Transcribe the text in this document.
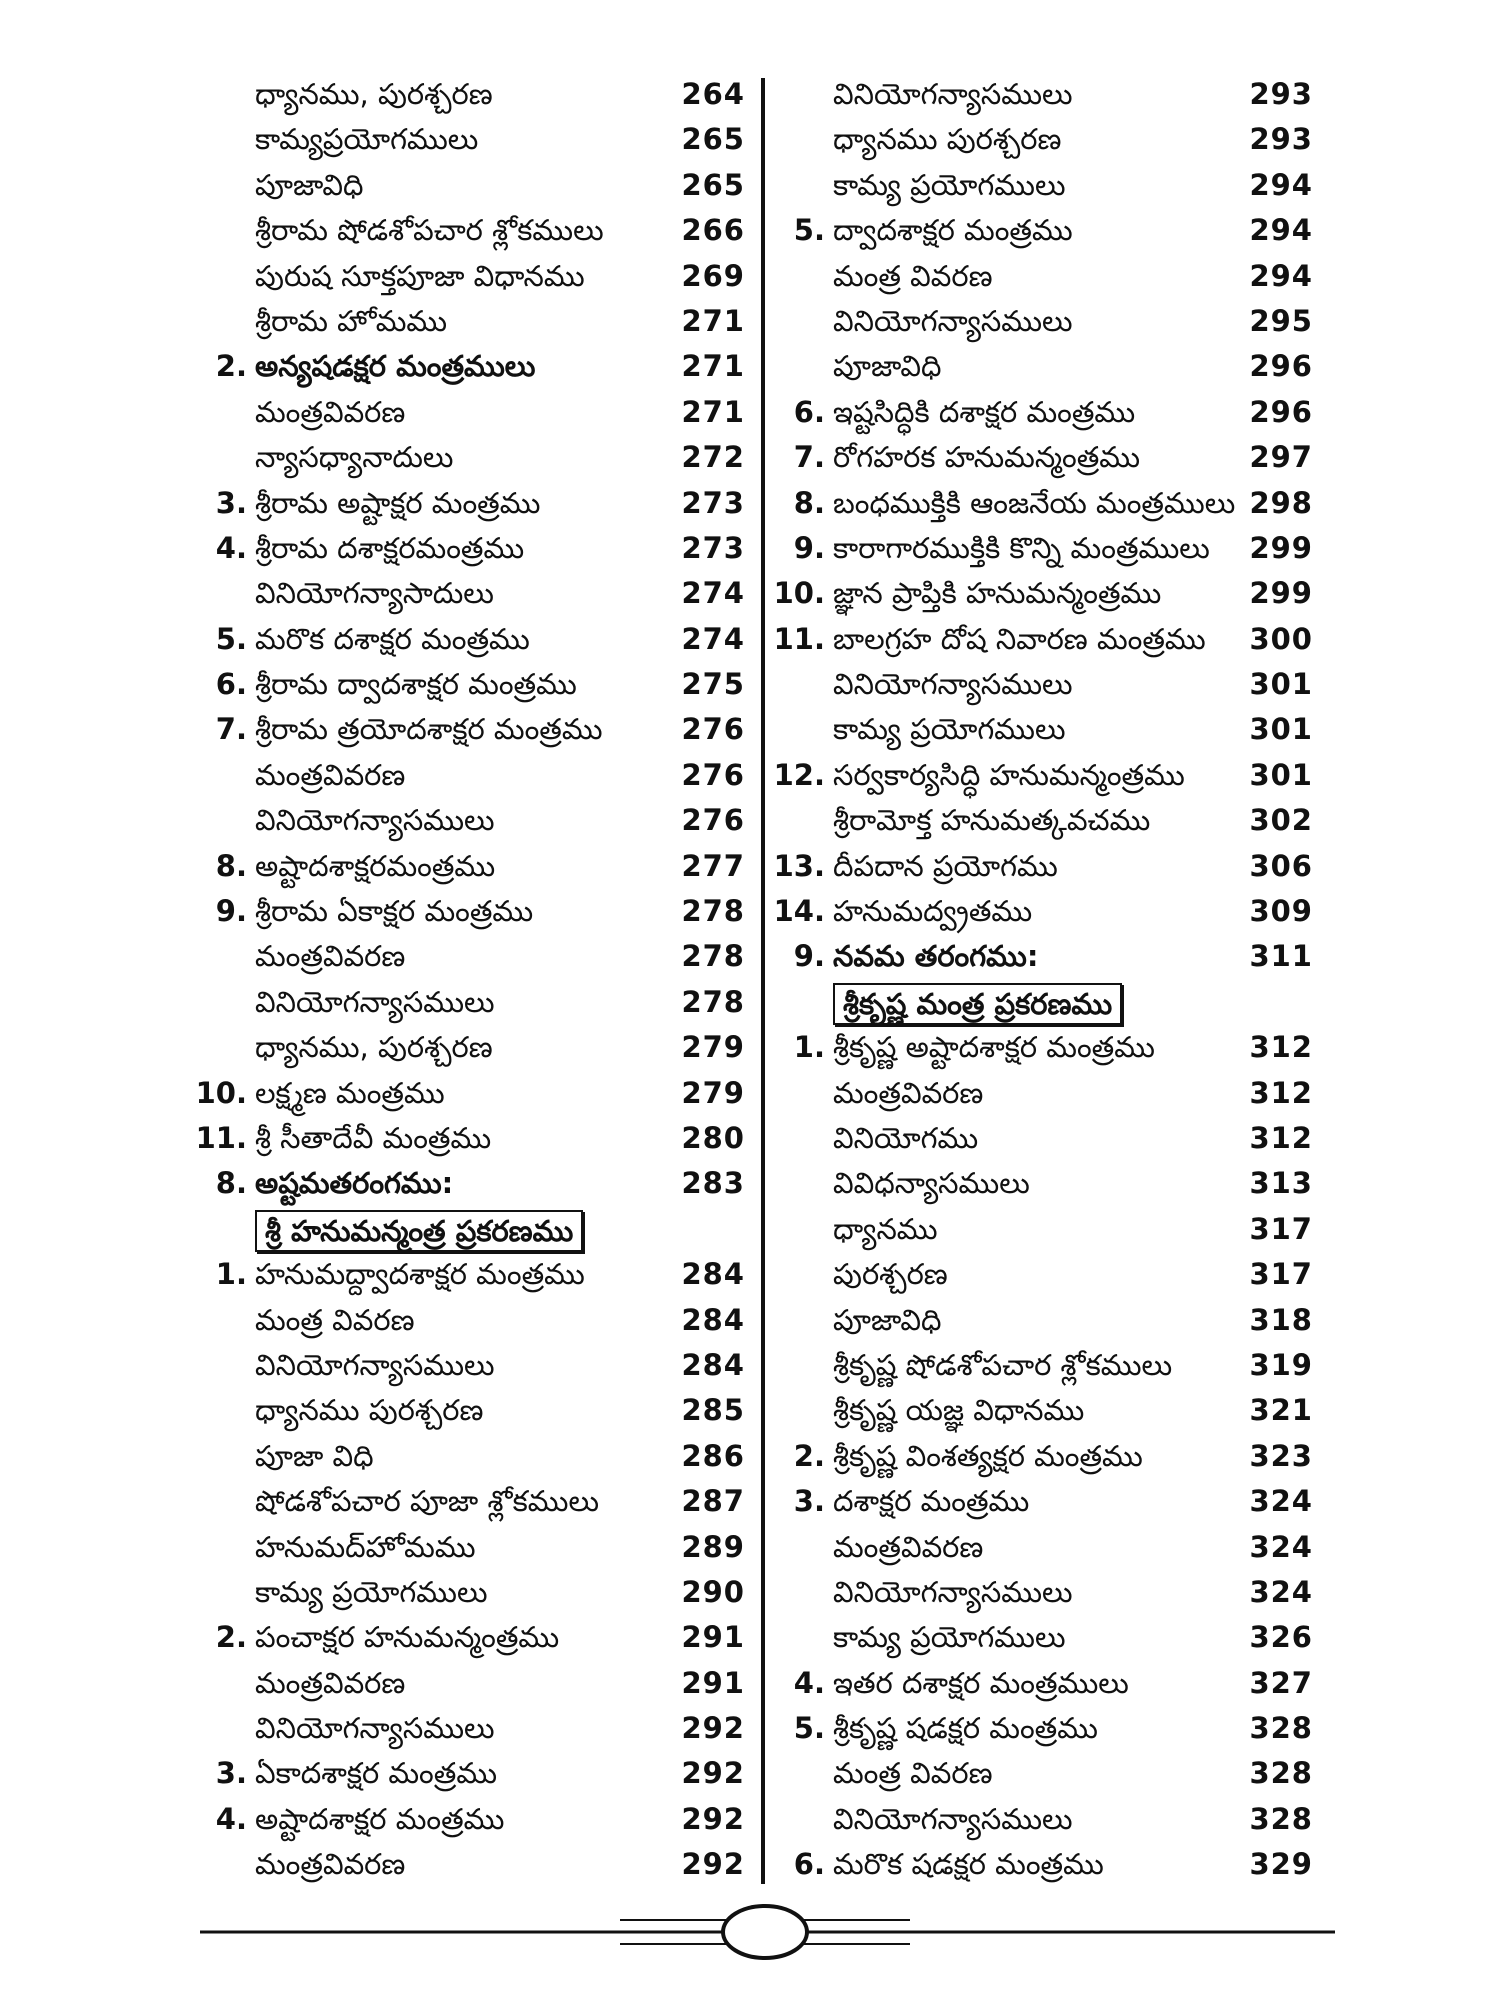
ధ్యానము, పురశ్చరణ	264
కామ్యప్రయోగములు	265
పూజావిధి	265
శ్రీరామ షోడశోపచార శ్లోకములు	266
పురుష సూక్తపూజా విధానము	269
శ్రీరామ హోమము	271
2. అన్యషడక్షర మంత్రములు	271
మంత్రవివరణ	271
న్యాసధ్యానాదులు	272
3. శ్రీరామ అష్టాక్షర మంత్రము	273
4. శ్రీరామ దశాక్షరమంత్రము	273
వినియోగన్యాసాదులు	274
5. మరొక దశాక్షర మంత్రము	274
6. శ్రీరామ ద్వాదశాక్షర మంత్రము	275
7. శ్రీరామ త్రయోదశాక్షర మంత్రము	276
మంత్రవివరణ	276
వినియోగన్యాసములు	276
8. అష్టాదశాక్షరమంత్రము	277
9. శ్రీరామ ఏకాక్షర మంత్రము	278
మంత్రవివరణ	278
వినియోగన్యాసములు	278
ధ్యానము, పురశ్చరణ	279
10. లక్ష్మణ మంత్రము	279
11. శ్రీ సీతాదేవీ మంత్రము	280
8. అష్టమతరంగము:	283
శ్రీ హనుమన్మంత్ర ప్రకరణము
1. హనుమద్ద్వాదశాక్షర మంత్రము	284
మంత్ర వివరణ	284
వినియోగన్యాసములు	284
ధ్యానము పురశ్చరణ	285
పూజా విధి	286
షోడశోపచార పూజా శ్లోకములు	287
హనుమద్‌హోమము	289
కామ్య ప్రయోగములు	290
2. పంచాక్షర హనుమన్మంత్రము	291
మంత్రవివరణ	291
వినియోగన్యాసములు	292
3. ఏకాదశాక్షర మంత్రము	292
4. అష్టాదశాక్షర మంత్రము	292
మంత్రవివరణ	292
వినియోగన్యాసములు	293
ధ్యానము పురశ్చరణ	293
కామ్య ప్రయోగములు	294
5. ద్వాదశాక్షర మంత్రము	294
మంత్ర వివరణ	294
వినియోగన్యాసములు	295
పూజావిధి	296
6. ఇష్టసిద్ధికి దశాక్షర మంత్రము	296
7. రోగహరక హనుమన్మంత్రము	297
8. బంధముక్తికి ఆంజనేయ మంత్రములు 298
9. కారాగారముక్తికి కొన్ని మంత్రములు 299
10. జ్ఞాన ప్రాప్తికి హనుమన్మంత్రము	299
11. బాలగ్రహ దోష నివారణ మంత్రము 300
వినియోగన్యాసములు	301
కామ్య ప్రయోగములు	301
12. సర్వకార్యసిద్ధి హనుమన్మంత్రము 301
శ్రీరామోక్త హనుమత్కవచము	302
13. దీపదాన ప్రయోగము	306
14. హనుమద్వ్రతము	309
9. నవమ తరంగము:	311
శ్రీకృష్ణ మంత్ర ప్రకరణము
1. శ్రీకృష్ణ అష్టాదశాక్షర మంత్రము	312
మంత్రవివరణ	312
వినియోగము	312
వివిధన్యాసములు	313
ధ్యానము	317
పురశ్చరణ	317
పూజావిధి	318
శ్రీకృష్ణ షోడశోపచార శ్లోకములు	319
శ్రీకృష్ణ యజ్ఞ విధానము	321
2. శ్రీకృష్ణ వింశత్యక్షర మంత్రము	323
3. దశాక్షర మంత్రము	324
మంత్రవివరణ	324
వినియోగన్యాసములు	324
కామ్య ప్రయోగములు	326
4. ఇతర దశాక్షర మంత్రములు	327
5. శ్రీకృష్ణ షడక్షర మంత్రము	328
మంత్ర వివరణ	328
వినియోగన్యాసములు	328
6. మరొక షడక్షర మంత్రము	329
